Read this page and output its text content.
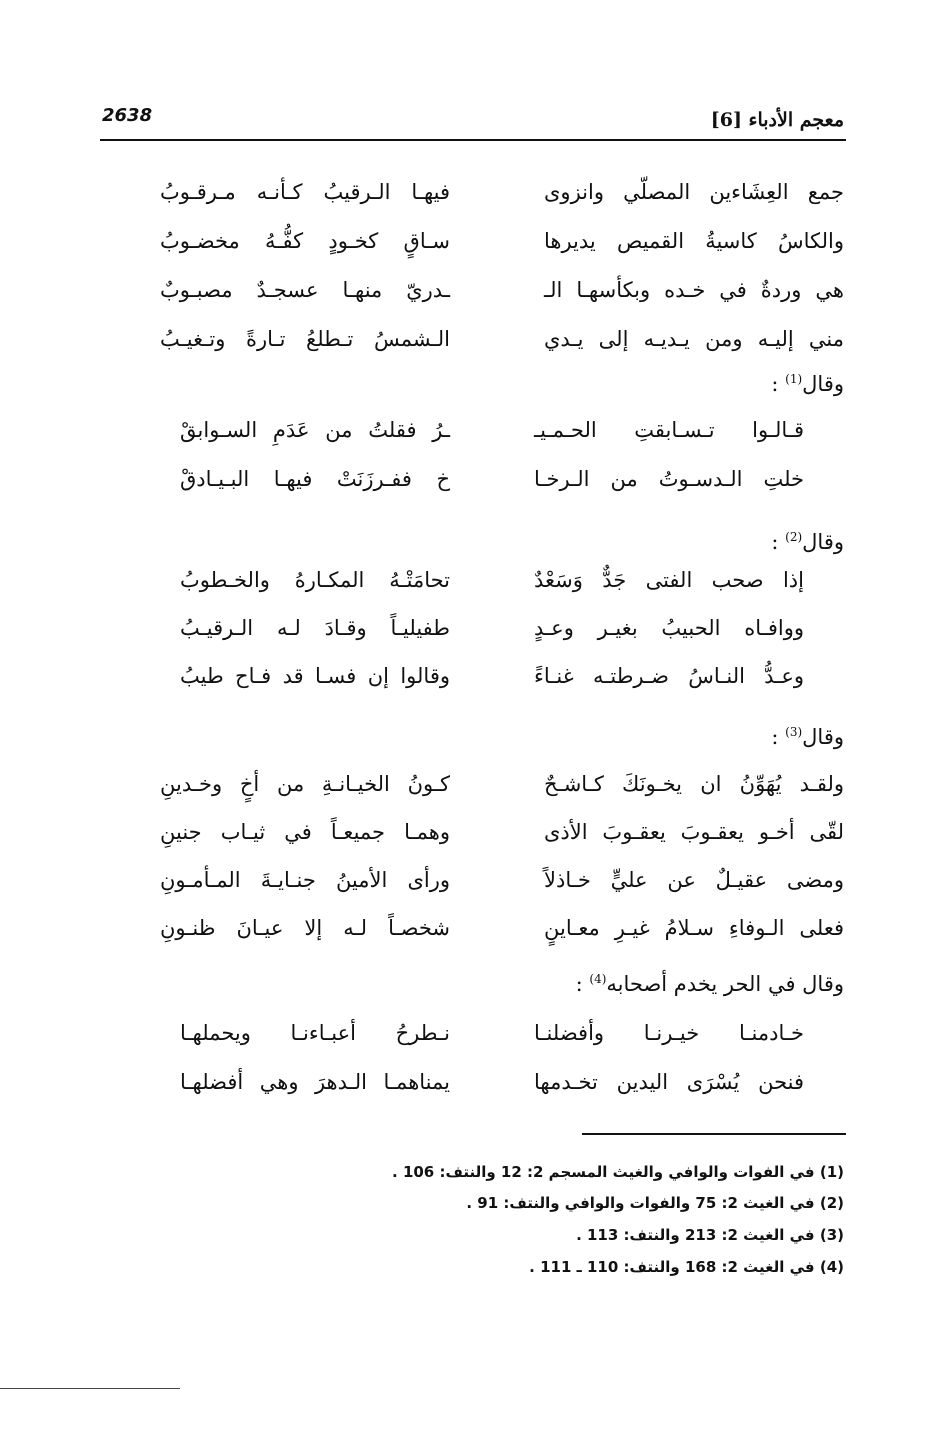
معجم الأدباء [6]
2638
جمع العِشَاءين المصلّي وانزوى
فيهـا الـرقيبُ كـأنـه مـرقـوبُ
والكاسُ كاسيةُ القميص يديرها
سـاقٍ كخـودٍ كفُّـهُ مخضـوبُ
هي وردةٌ في خـده وبكأسهـا الـ
ـدريّ منهـا عسجـدٌ مصبـوبٌ
مني إليـه ومن يـديـه إلى يـدي
الـشمسُ تـطلعُ تـارةً وتـغيـبُ
وقال$^{(1)}$ :
قـالـوا تـسـابقتِ الحـمـيـ
ـرُ فقلتُ من عَدَمِ السـوابقْ
خلتِ الـدسـوتُ من الـرخـا
خ ففـرزَنَتْ فيهـا البـيـادقْ
وقال$^{(2)}$ :
إذا صحب الفتى جَدٌّ وَسَعْدٌ
تحامَتْـهُ المكـارهُ والخـطوبُ
ووافـاه الحبيبُ بغيـر وعـدٍ
طفيليـاً وقـادَ لـه الـرقيـبُ
وعـدُّ النـاسُ ضـرطتـه غنـاءً
وقالوا إن فسـا قد فـاح طيبُ
وقال$^{(3)}$ :
ولقـد يُهَوِّنُ ان يخـونَكَ كـاشـحٌ
كـونُ الخيـانـةِ من أخٍ وخـدينِ
لقّى أخـو يعقـوبَ يعقـوبَ الأذى
وهمـا جميعـاً في ثيـاب جنينِ
ومضى عقيـلٌ عن عليٍّ خـاذلاً
ورأى الأمينُ جنـايـةَ المـأمـونِ
فعلى الـوفاءِ سـلامُ غيـرِ معـاينٍ
شخصـاً لـه إلا عيـانَ ظنـونِ
وقال في الحر يخدم أصحابه$^{(4)}$ :
خـادمنـا خيـرنـا وأفضلنـا
نـطرحُ أعبـاءنـا ويحملهـا
فنحن يُسْرَى اليدين تخـدمها
يمناهمـا الـدهرَ وهي أفضلهـا
(1) في الفوات والوافي والغيث المسجم 2: 12 والنتف: 106 .
(2) في الغيث 2: 75 والفوات والوافي والنتف: 91 .
(3) في الغيث 2: 213 والنتف: 113 .
(4) في الغيث 2: 168 والنتف: 110 ـ 111 .
